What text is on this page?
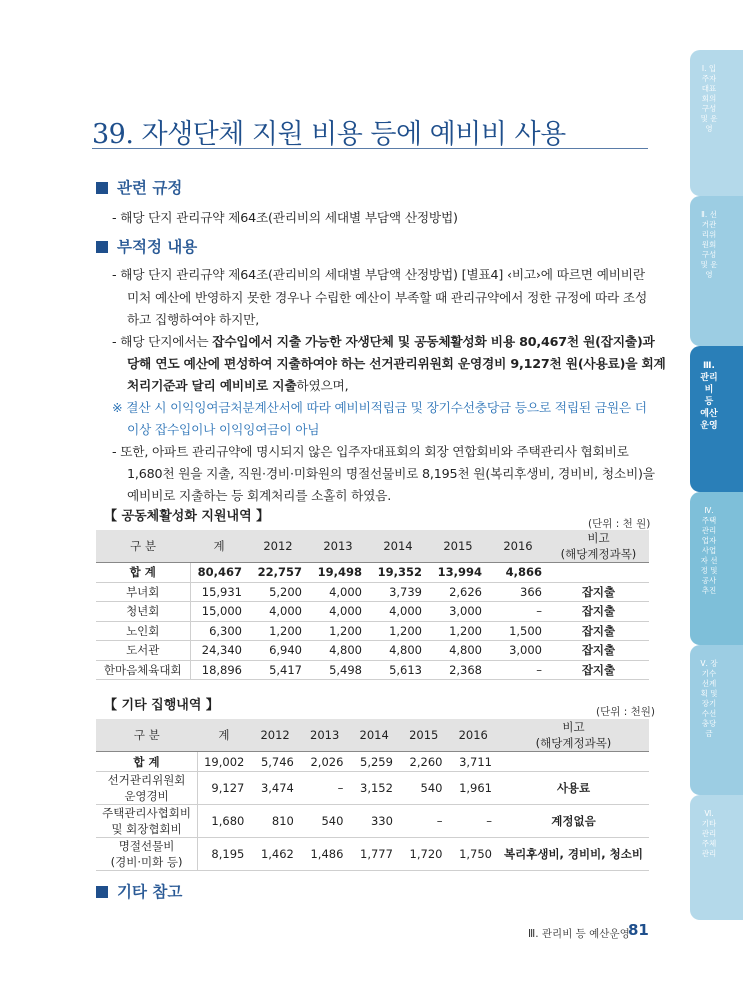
39. 자생단체 지원 비용 등에 예비비 사용
관련 규정
- 해당 단지 관리규약 제64조(관리비의 세대별 부담액 산정방법)
부적정 내용
- 해당 단지 관리규약 제64조(관리비의 세대별 부담액 산정방법) [별표4] ‹비고›에 따르면 예비비란
미처 예산에 반영하지 못한 경우나 수립한 예산이 부족할 때 관리규약에서 정한 규정에 따라 조성
하고 집행하여야 하지만,
- 해당 단지에서는 잡수입에서 지출 가능한 자생단체 및 공동체활성화 비용 80,467천 원(잡지출)과
당해 연도 예산에 편성하여 지출하여야 하는 선거관리위원회 운영경비 9,127천 원(사용료)을 회계
처리기준과 달리 예비비로 지출하였으며,
※ 결산 시 이익잉여금처분계산서에 따라 예비비적립금 및 장기수선충당금 등으로 적립된 금원은 더
이상 잡수입이나 이익잉여금이 아님
- 또한, 아파트 관리규약에 명시되지 않은 입주자대표회의 회장 연합회비와 주택관리사 협회비로
1,680천 원을 지출, 직원·경비·미화원의 명절선물비로 8,195천 원(복리후생비, 경비비, 청소비)을
예비비로 지출하는 등 회계처리를 소홀히 하였음.
【 공동체활성화 지원내역 】	(단위 : 천 원)
구 분	계	2012	2013	2014	2015	2016	비고
(해당계정과목)
합 계	80,467	22,757	19,498	19,352	13,994	4,866	
부녀회	15,931	5,200	4,000	3,739	2,626	366	잡지출
청년회	15,000	4,000	4,000	4,000	3,000	–	잡지출
노인회	6,300	1,200	1,200	1,200	1,200	1,500	잡지출
도서관	24,340	6,940	4,800	4,800	4,800	3,000	잡지출
한마음체육대회	18,896	5,417	5,498	5,613	2,368	–	잡지출
【 기타 집행내역 】	(단위 : 천원)
구 분	계	2012	2013	2014	2015	2016	비고
(해당계정과목)
합 계	19,002	5,746	2,026	5,259	2,260	3,711	
선거관리위원회
운영경비	9,127	3,474	–	3,152	540	1,961	사용료
주택관리사협회비
및 회장협회비	1,680	810	540	330	–	–	계정없음
명절선물비
(경비·미화 등)	8,195	1,462	1,486	1,777	1,720	1,750	복리후생비, 경비비, 청소비
기타 참고
Ⅰ. 입주자대표회의 구성 및 운영
Ⅱ. 선거관리위원회 구성 및 운영
Ⅲ. 관리비 등 예산운영
Ⅳ. 주택관리업자 사업자 선정 및 공사추진
Ⅴ. 장기수선계획 및 장기수선충당금
Ⅵ. 기타 관리주체 관리
Ⅲ. 관리비 등 예산운영
81
